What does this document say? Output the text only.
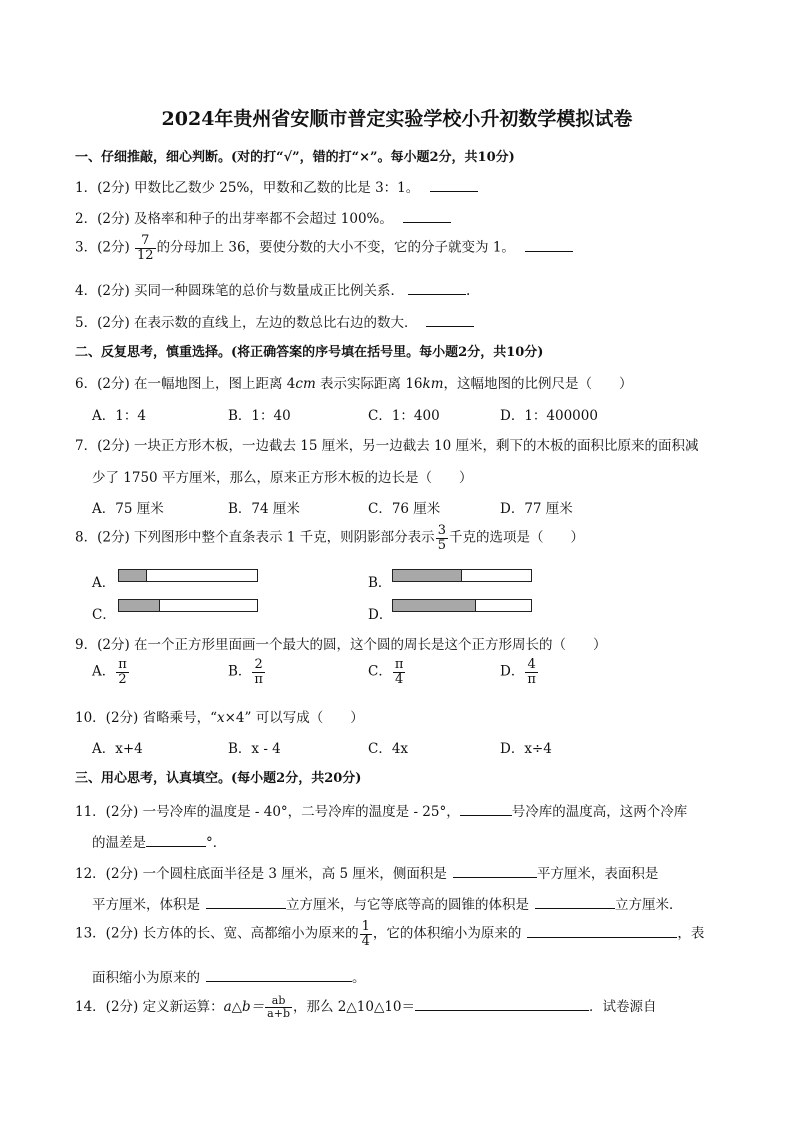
2024年贵州省安顺市普定实验学校小升初数学模拟试卷
一、仔细推敲，细心判断。(对的打“√”，错的打“×”。每小题2分，共10分)
1．(2分) 甲数比乙数少 25%，甲数和乙数的比是 3：1。
2．(2分) 及格率和种子的出芽率都不会超过 100%。
3．(2分) $\frac{7}{12}$ 的分母加上 36，要使分数的大小不变，它的分子就变为 1。
4．(2分) 买同一种圆珠笔的总价与数量成正比例关系．	.
5．(2分) 在表示数的直线上，左边的数总比右边的数大．
二、反复思考，慎重选择。(将正确答案的序号填在括号里。每小题2分，共10分)
6．(2分) 在一幅地图上，图上距离 4cm 表示实际距离 16km，这幅地图的比例尺是（　　）
A．1：4	B．1：40	C．1：400	D．1：400000
7．(2分) 一块正方形木板，一边截去 15 厘米，另一边截去 10 厘米，剩下的木板的面积比原来的面积减
少了 1750 平方厘米，那么，原来正方形木板的边长是（　　）
A．75 厘米	B．74 厘米	C．76 厘米	D．77 厘米
8．(2分) 下列图形中整个直条表示 1 千克，则阴影部分表示 $\frac{3}{5}$ 千克的选项是（　　）
A．	B．
C．	D．
9．(2分) 在一个正方形里面画一个最大的圆，这个圆的周长是这个正方形周长的（　　）
A． $\frac{\pi}{2}$	B． $\frac{2}{\pi}$	C． $\frac{\pi}{4}$	D． $\frac{4}{\pi}$
10．(2分) 省略乘号，“x×4” 可以写成（　　）
A．x+4	B．x - 4	C．4x	D．x÷4
三、用心思考，认真填空。(每小题2分，共20分)
11．(2分) 一号冷库的温度是 - 40°，二号冷库的温度是 - 25°，	号冷库的温度高，这两个冷库
的温差是	°．
12．(2分) 一个圆柱底面半径是 3 厘米，高 5 厘米，侧面积是	平方厘米，表面积是
平方厘米，体积是	立方厘米，与它等底等高的圆锥的体积是	立方厘米．
13．(2分) 长方体的长、宽、高都缩小为原来的 $\frac{1}{4}$ ，它的体积缩小为原来的	，表
面积缩小为原来的	。
14．(2分) 定义新运算：a△b＝ $\frac{ab}{a+b}$ ，那么 2△10△10＝	．试卷源自
